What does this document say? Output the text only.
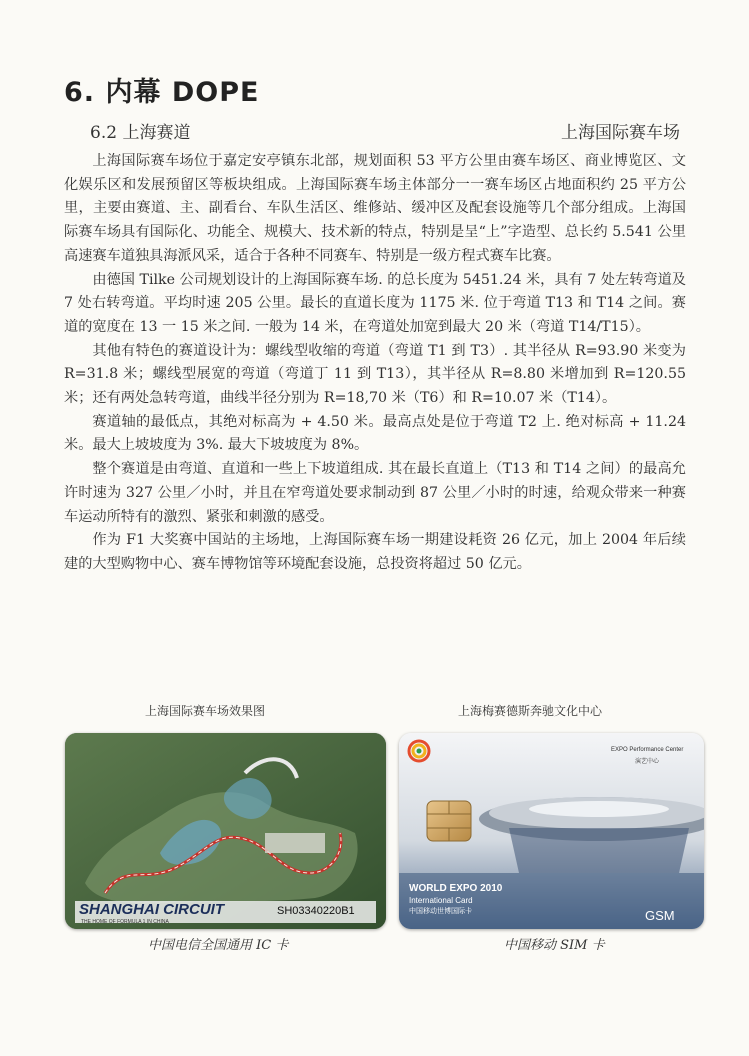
6. 内幕 DOPE
6.2 上海赛道	上海国际赛车场

上海国际赛车场位于嘉定安亭镇东北部，规划面积 53 平方公里由赛车场区、商业博览区、文化娱乐区和发展预留区等板块组成。上海国际赛车场主体部分一一赛车场区占地面积约 25 平方公里，主要由赛道、主、副看台、车队生活区、维修站、缓冲区及配套设施等几个部分组成。上海国际赛车场具有国际化、功能全、规模大、技术新的特点，特别是呈“上”字造型、总长约 5.541 公里高速赛车道独具海派风采，适合于各种不同赛车、特别是一级方程式赛车比赛。

由德国 Tilke 公司规划设计的上海国际赛车场. 的总长度为 5451.24 米，具有 7 处左转弯道及 7 处右转弯道。平均时速 205 公里。最长的直道长度为 1175 米. 位于弯道 T13 和 T14 之间。赛道的宽度在 13 一 15 米之间. 一般为 14 米，在弯道处加宽到最大 20 米（弯道 T14/T15）。

其他有特色的赛道设计为：螺线型收缩的弯道（弯道 T1 到 T3）. 其半径从 R=93.90 米变为 R=31.8 米；螺线型展宽的弯道（弯道丁 11 到 T13），其半径从 R=8.80 米增加到 R=120.55 米；还有两处急转弯道，曲线半径分别为 R=18,70 米（T6）和 R=10.07 米（T14）。

赛道轴的最低点，其绝对标高为 + 4.50 米。最高点处是位于弯道 T2 上. 绝对标高 + 11.24 米。最大上坡坡度为 3%. 最大下坡坡度为 8%。

整个赛道是由弯道、直道和一些上下坡道组成. 其在最长直道上（T13 和 T14 之间）的最高允许时速为 327 公里／小时，并且在窄弯道处要求制动到 87 公里／小时的时速，给观众带来一种赛车运动所特有的激烈、紧张和刺激的感受。

作为 F1 大奖赛中国站的主场地，上海国际赛车场一期建设耗资 26 亿元，加上 2004 年后续建的大型购物中心、赛车博物馆等环境配套设施，总投资将超过 50 亿元。

上海国际赛车场效果图	上海梅赛德斯奔驰文化中心
SHANGHAI CIRCUIT
THE HOME OF FORMULA 1 IN CHINA
SH03340220B1
EXPO Performance Center
演艺中心
WORLD EXPO 2010
International Card
中国移动世博国际卡	GSM
中国电信全国通用 IC 卡	中国移动 SIM 卡
